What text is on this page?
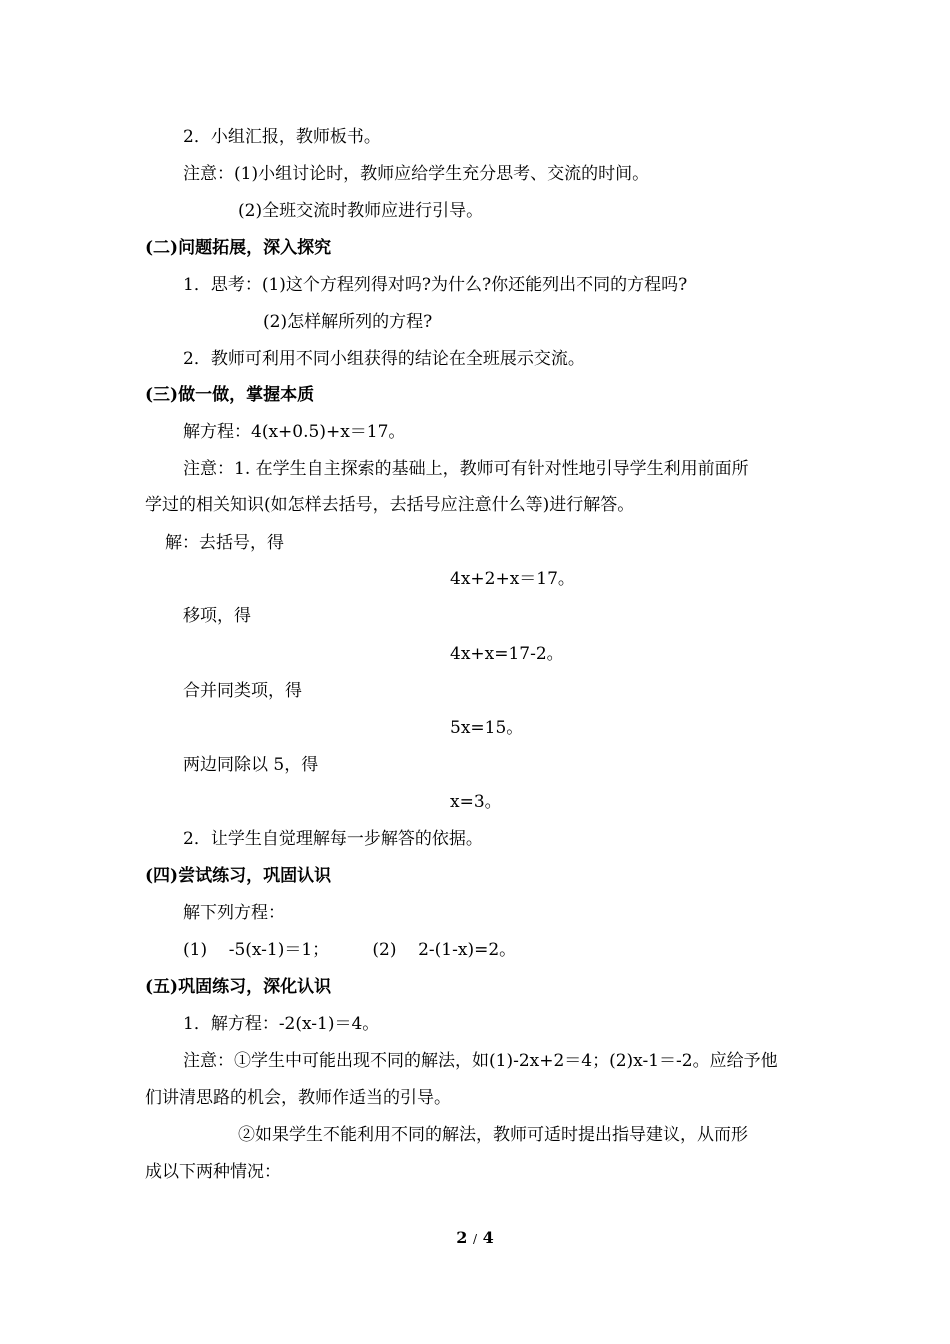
2．小组汇报，教师板书。
注意：(1)小组讨论时，教师应给学生充分思考、交流的时间。
(2)全班交流时教师应进行引导。
(二)问题拓展，深入探究
1．思考：(1)这个方程列得对吗?为什么?你还能列出不同的方程吗?
(2)怎样解所列的方程?
2．教师可利用不同小组获得的结论在全班展示交流。
(三)做一做，掌握本质
解方程：4(x+0.5)+x＝17。
注意：1. 在学生自主探索的基础上，教师可有针对性地引导学生利用前面所
学过的相关知识(如怎样去括号，去括号应注意什么等)进行解答。
解：去括号，得
4x+2+x＝17。
移项，得
4x+x=17-2。
合并同类项，得
5x=15。
两边同除以 5，得
x=3。
2．让学生自觉理解每一步解答的依据。
(四)尝试练习，巩固认识
解下列方程：
(1)    -5(x-1)＝1；        (2)    2-(1-x)=2。
(五)巩固练习，深化认识
1．解方程：-2(x-1)＝4。
注意：①学生中可能出现不同的解法，如(1)-2x+2＝4；(2)x-1＝-2。应给予他
们讲清思路的机会，教师作适当的引导。
②如果学生不能利用不同的解法，教师可适时提出指导建议，从而形
成以下两种情况：
2 / 4
